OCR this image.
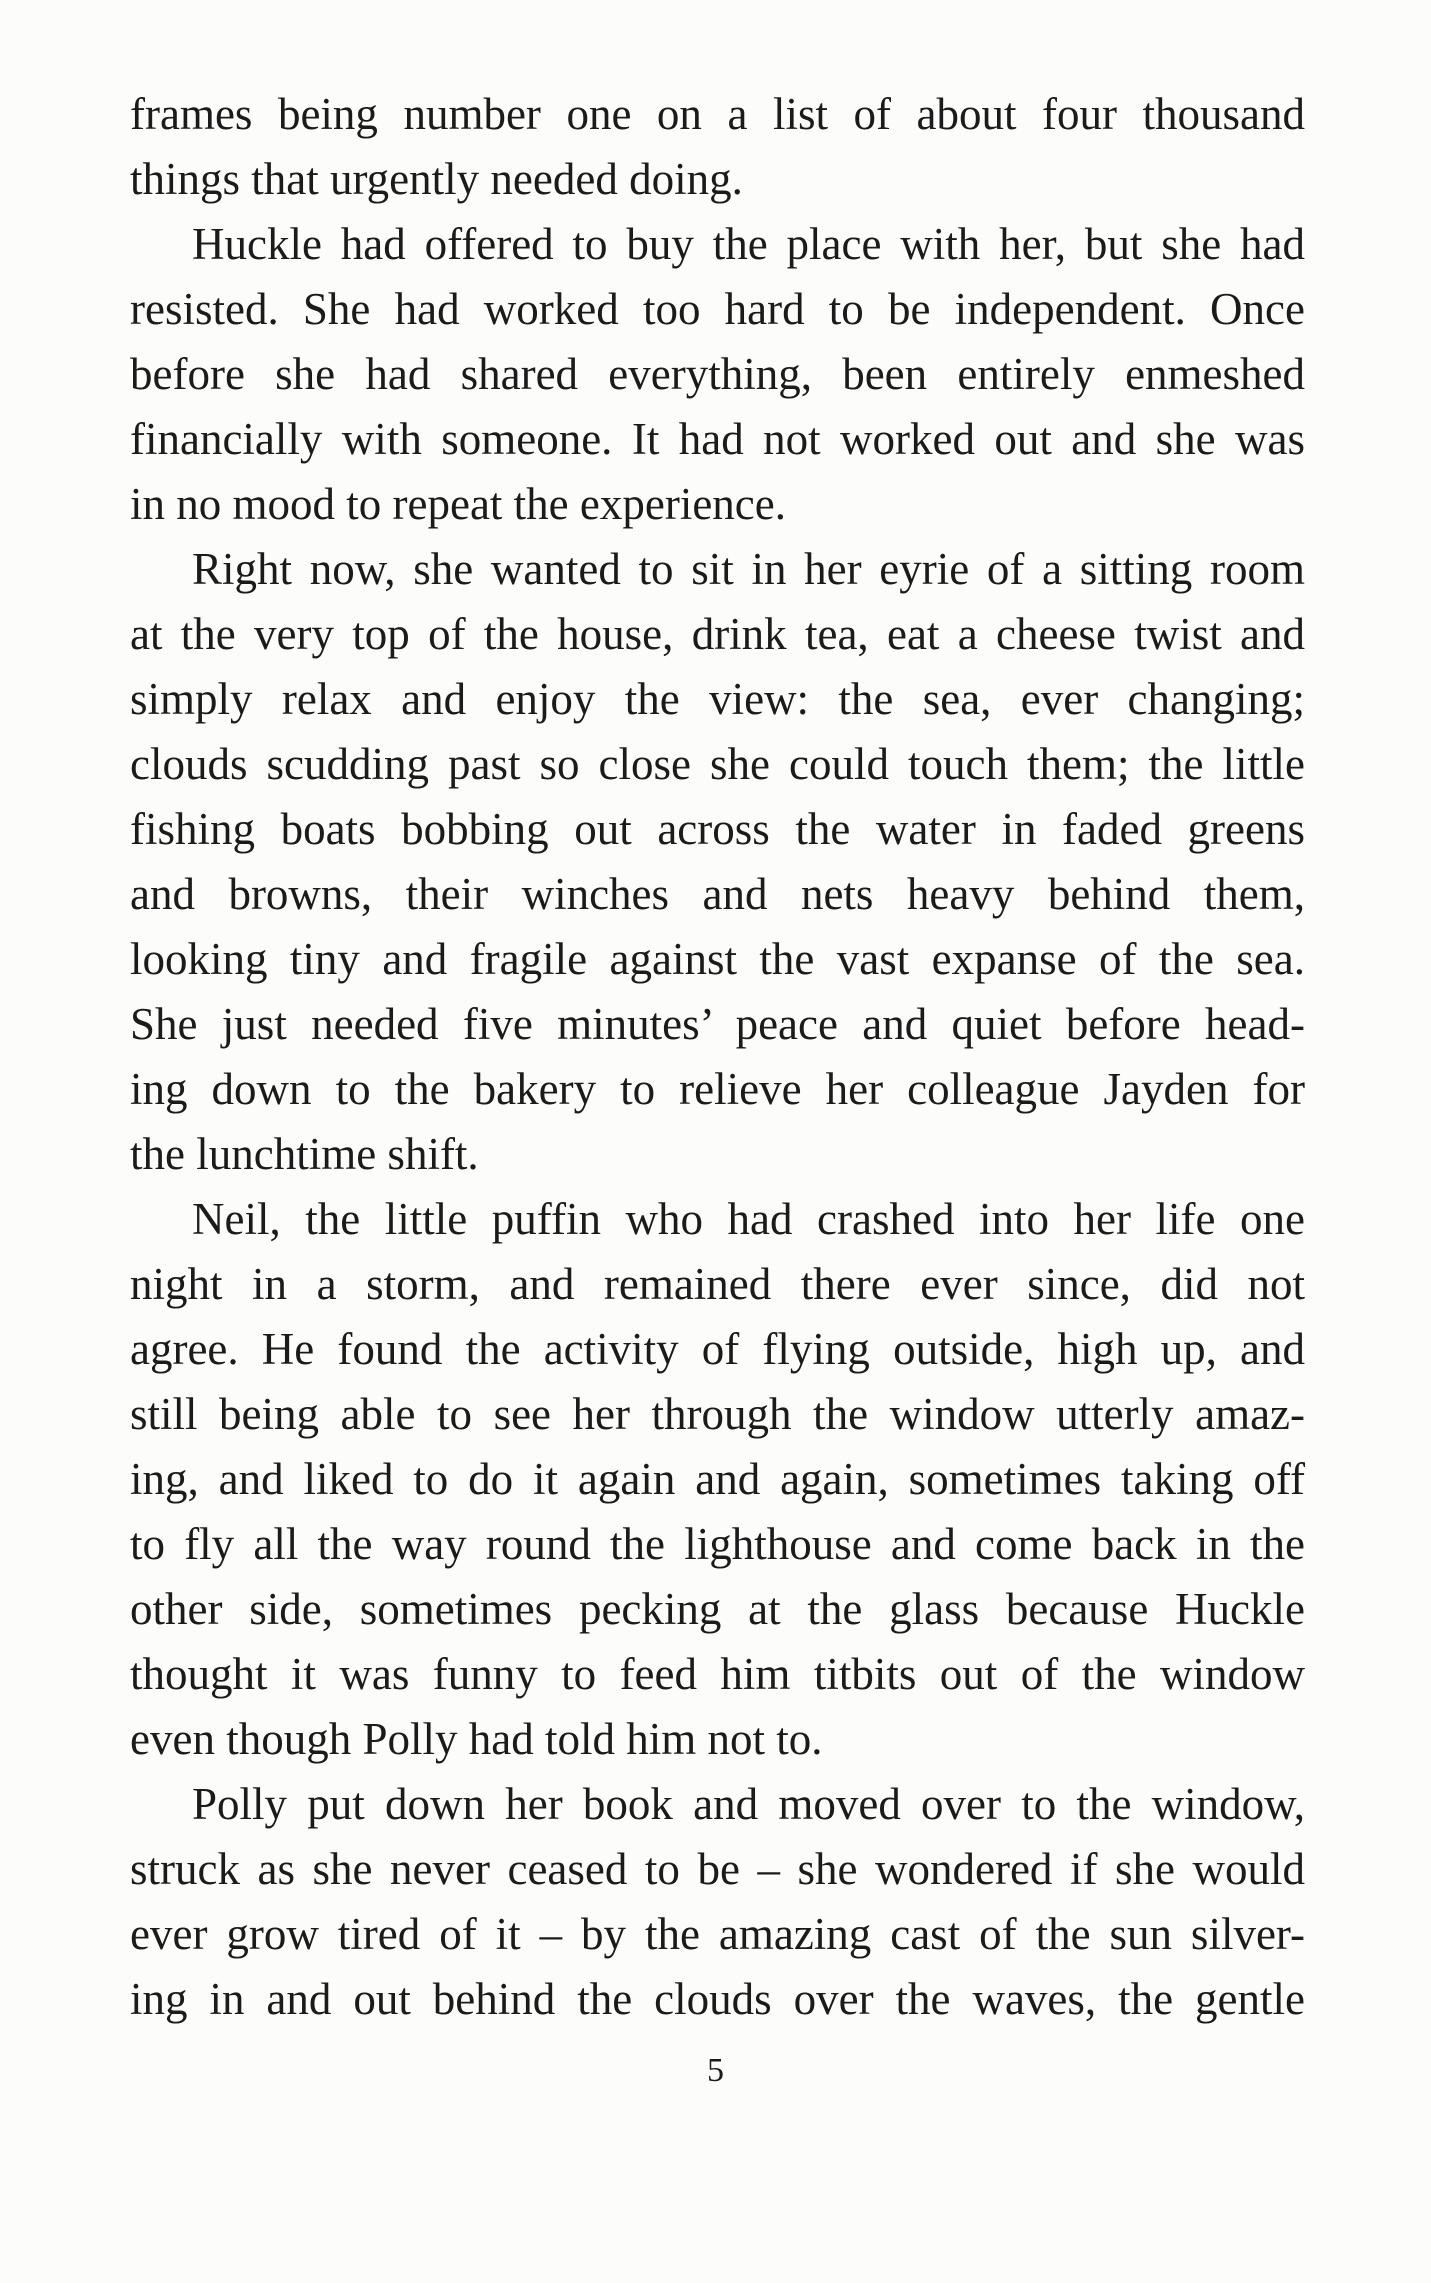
frames being number one on a list of about four thousand
things that urgently needed doing.
Huckle had offered to buy the place with her, but she had
resisted. She had worked too hard to be independent. Once
before she had shared everything, been entirely enmeshed
financially with someone. It had not worked out and she was
in no mood to repeat the experience.
Right now, she wanted to sit in her eyrie of a sitting room
at the very top of the house, drink tea, eat a cheese twist and
simply relax and enjoy the view: the sea, ever changing;
clouds scudding past so close she could touch them; the little
fishing boats bobbing out across the water in faded greens
and browns, their winches and nets heavy behind them,
looking tiny and fragile against the vast expanse of the sea.
She just needed five minutes’ peace and quiet before head-
ing down to the bakery to relieve her colleague Jayden for
the lunchtime shift.
Neil, the little puffin who had crashed into her life one
night in a storm, and remained there ever since, did not
agree. He found the activity of flying outside, high up, and
still being able to see her through the window utterly amaz-
ing, and liked to do it again and again, sometimes taking off
to fly all the way round the lighthouse and come back in the
other side, sometimes pecking at the glass because Huckle
thought it was funny to feed him titbits out of the window
even though Polly had told him not to.
Polly put down her book and moved over to the window,
struck as she never ceased to be – she wondered if she would
ever grow tired of it – by the amazing cast of the sun silver-
ing in and out behind the clouds over the waves, the gentle
5
